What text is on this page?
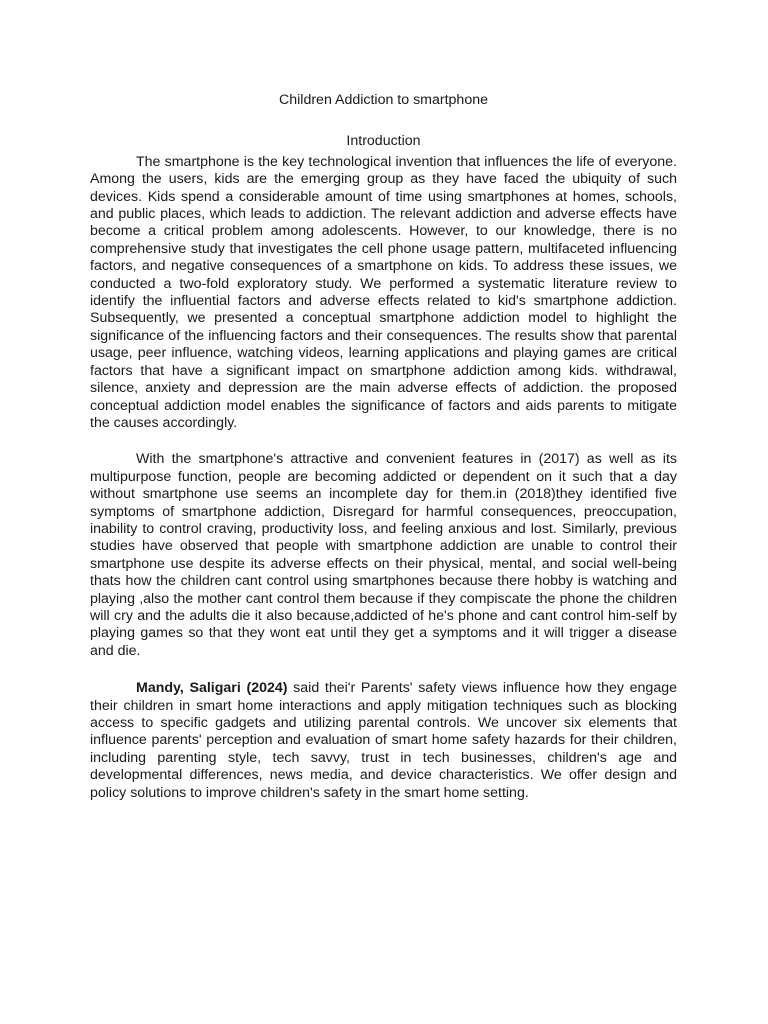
Children Addiction to smartphone

Introduction

The smartphone is the key technological invention that influences the life of everyone. Among the users, kids are the emerging group as they have faced the ubiquity of such devices. Kids spend a considerable amount of time using smartphones at homes, schools, and public places, which leads to addiction. The relevant addiction and adverse effects have become a critical problem among adolescents. However, to our knowledge, there is no comprehensive study that investigates the cell phone usage pattern, multifaceted influencing factors, and negative consequences of a smartphone on kids. To address these issues, we conducted a two-fold exploratory study. We performed a systematic literature review to identify the influential factors and adverse effects related to kid's smartphone addiction. Subsequently, we presented a conceptual smartphone addiction model to highlight the significance of the influencing factors and their consequences. The results show that parental usage, peer influence, watching videos, learning applications and playing games are critical factors that have a significant impact on smartphone addiction among kids. withdrawal, silence, anxiety and depression are the main adverse effects of addiction. the proposed conceptual addiction model enables the significance of factors and aids parents to mitigate the causes accordingly.

With the smartphone's attractive and convenient features in (2017) as well as its multipurpose function, people are becoming addicted or dependent on it such that a day without smartphone use seems an incomplete day for them.in (2018)they identified five symptoms of smartphone addiction, Disregard for harmful consequences, preoccupation, inability to control craving, productivity loss, and feeling anxious and lost. Similarly, previous studies have observed that people with smartphone addiction are unable to control their smartphone use despite its adverse effects on their physical, mental, and social well-being thats how the children cant control using smartphones because there hobby is watching and playing ,also the mother cant control them because if they compiscate the phone the children will cry and the adults die it also because,addicted of he's phone and cant control him-self by playing games so that they wont eat until they get a symptoms and it will trigger a disease and die.

Mandy, Saligari (2024) said thei'r Parents' safety views influence how they engage their children in smart home interactions and apply mitigation techniques such as blocking access to specific gadgets and utilizing parental controls. We uncover six elements that influence parents' perception and evaluation of smart home safety hazards for their children, including parenting style, tech savvy, trust in tech businesses, children's age and developmental differences, news media, and device characteristics. We offer design and policy solutions to improve children's safety in the smart home setting.
